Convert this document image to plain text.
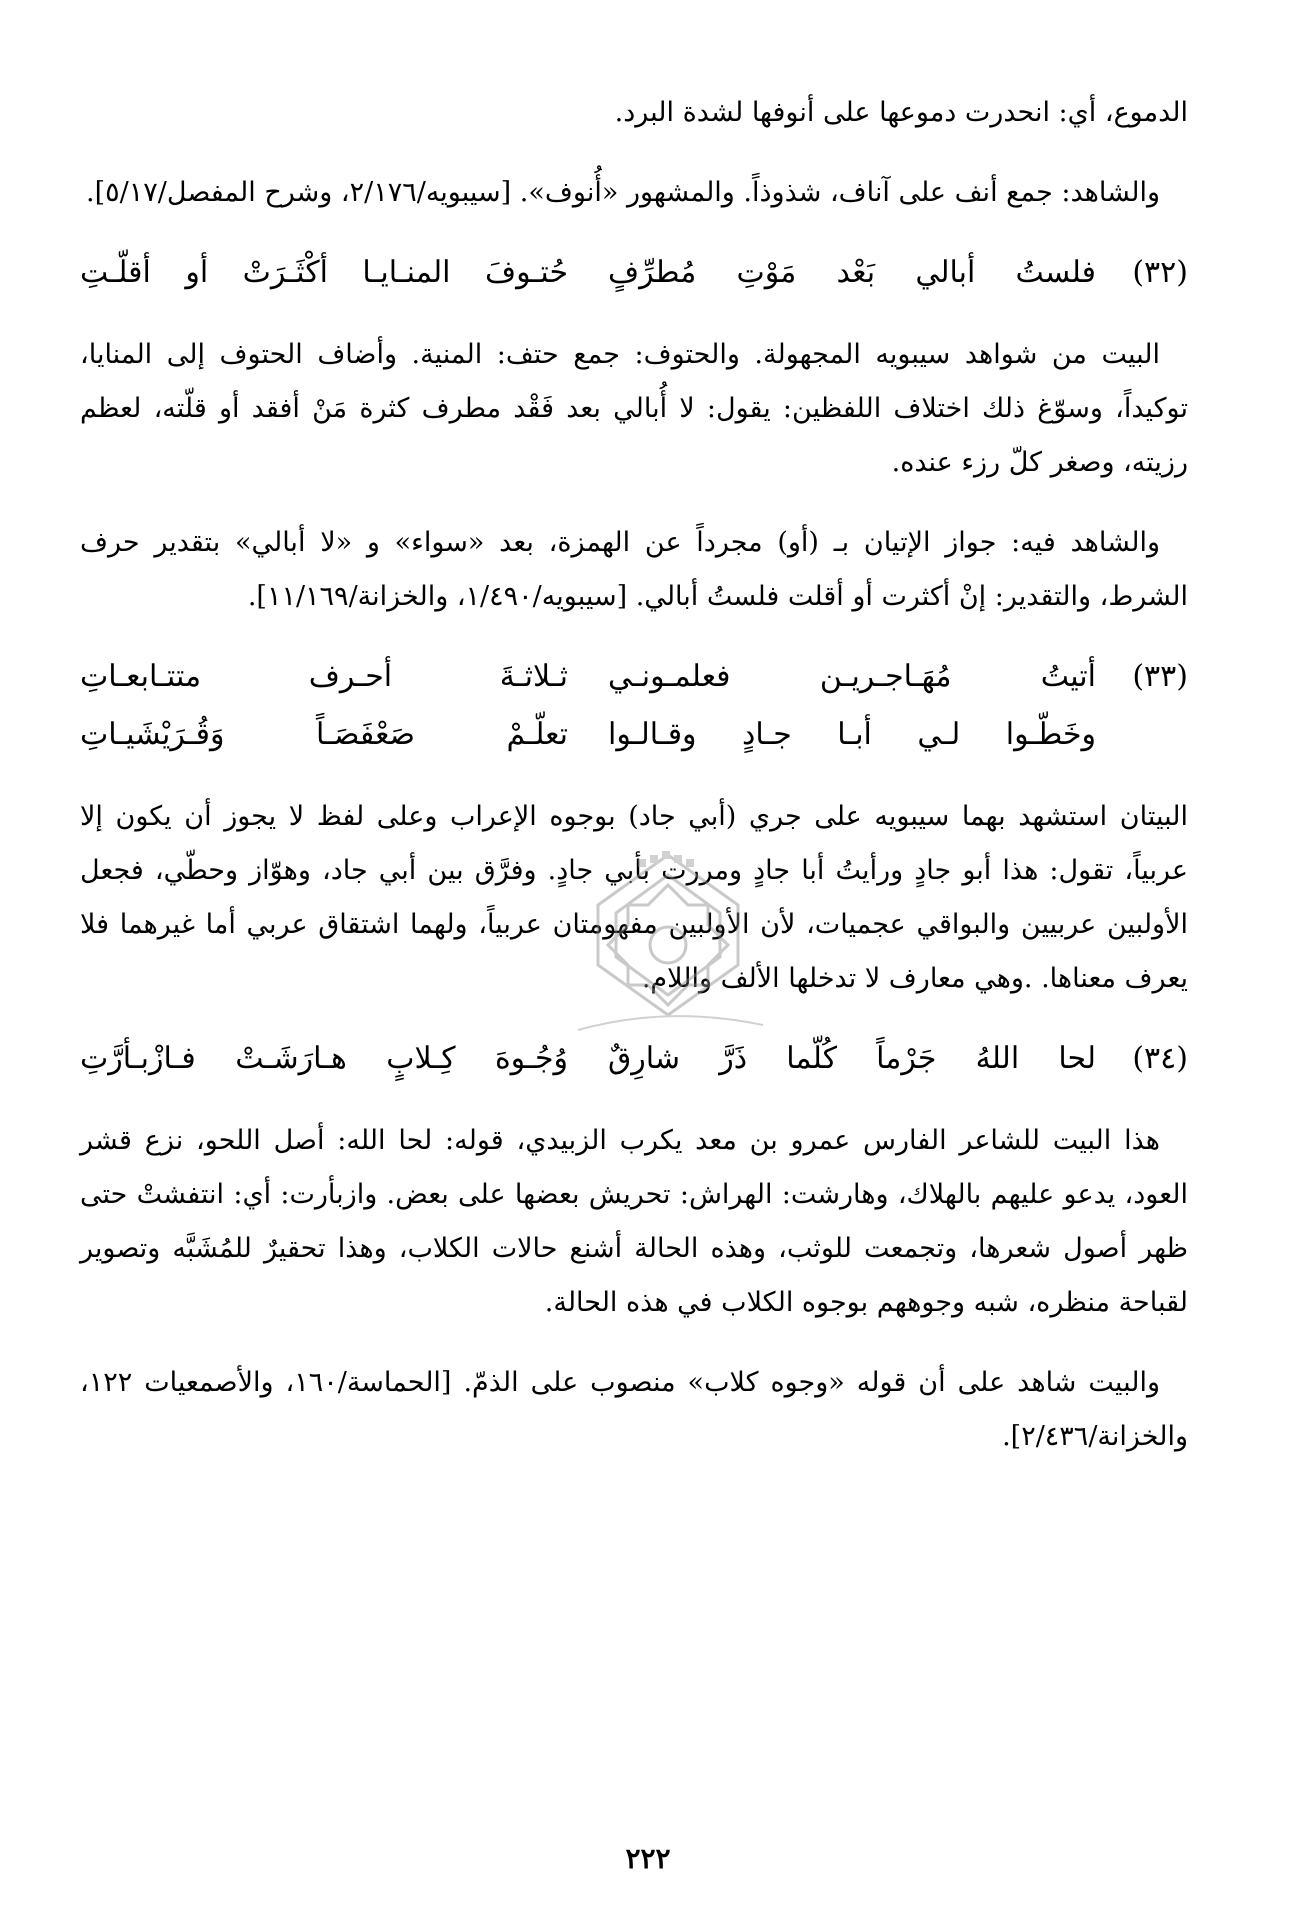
الدموع، أي: انحدرت دموعها على أنوفها لشدة البرد.

والشاهد: جمع أنف على آناف، شذوذاً. والمشهور «أُنوف». [سيبويه/٢/١٧٦، وشرح المفصل/٥/١٧].

(٣٢)
فلستُ أبالي بَعْد مَوْتِ مُطرِّفٍ
حُتـوفَ المنـايـا أكْثَـرَتْ أو أقلّـتِ

البيت من شواهد سيبويه المجهولة. والحتوف: جمع حتف: المنية. وأضاف الحتوف إلى المنايا، توكيداً، وسوّغ ذلك اختلاف اللفظين: يقول: لا أُبالي بعد فَقْد مطرف كثرة مَنْ أفقد أو قلّته، لعظم رزيته، وصغر كلّ رزء عنده.

والشاهد فيه: جواز الإتيان بـ (أو) مجرداً عن الهمزة، بعد «سواء» و «لا أبالي» بتقدير حرف الشرط، والتقدير: إنْ أكثرت أو أقلت فلستُ أبالي. [سيبويه/١/٤٩٠، والخزانة/١١/١٦٩].

(٣٣)
أتيتُ مُهَـاجـريـن فعلمـونـي
ثـلاثـةَ أحـرف متتـابعـاتِ
وخَطّـوا لـي أبـا جـادٍ وقـالـوا
تعلّـمْ صَعْفَصَـاً وَقُـرَيْشَيـاتِ

البيتان استشهد بهما سيبويه على جري (أبي جاد) بوجوه الإعراب وعلى لفظ لا يجوز أن يكون إلا عربياً، تقول: هذا أبو جادٍ ورأيتُ أبا جادٍ ومررت بأبي جادٍ. وفرَّق بين أبي جاد، وهوّاز وحطّي، فجعل الأولبين عربيين والبواقي عجميات، لأن الأولبين مفهومتان عربياً، ولهما اشتقاق عربي أما غيرهما فلا يعرف معناها. .وهي معارف لا تدخلها الألف واللام.

(٣٤)
لحا اللهُ جَرْماً كُلّما ذَرَّ شارِقٌ
وُجُـوهَ كِـلابٍ هـارَشَـتْ فـازْبـأرَّتِ

هذا البيت للشاعر الفارس عمرو بن معد يكرب الزبيدي، قوله: لحا الله: أصل اللحو، نزع قشر العود، يدعو عليهم بالهلاك، وهارشت: الهراش: تحريش بعضها على بعض. وازبأرت: أي: انتفشتْ حتى ظهر أصول شعرها، وتجمعت للوثب، وهذه الحالة أشنع حالات الكلاب، وهذا تحقيرٌ للمُشَبَّه وتصوير لقباحة منظره، شبه وجوههم بوجوه الكلاب في هذه الحالة.

والبيت شاهد على أن قوله «وجوه كلاب» منصوب على الذمّ. [الحماسة/١٦٠، والأصمعيات ١٢٢، والخزانة/٢/٤٣٦].

٢٢٢
